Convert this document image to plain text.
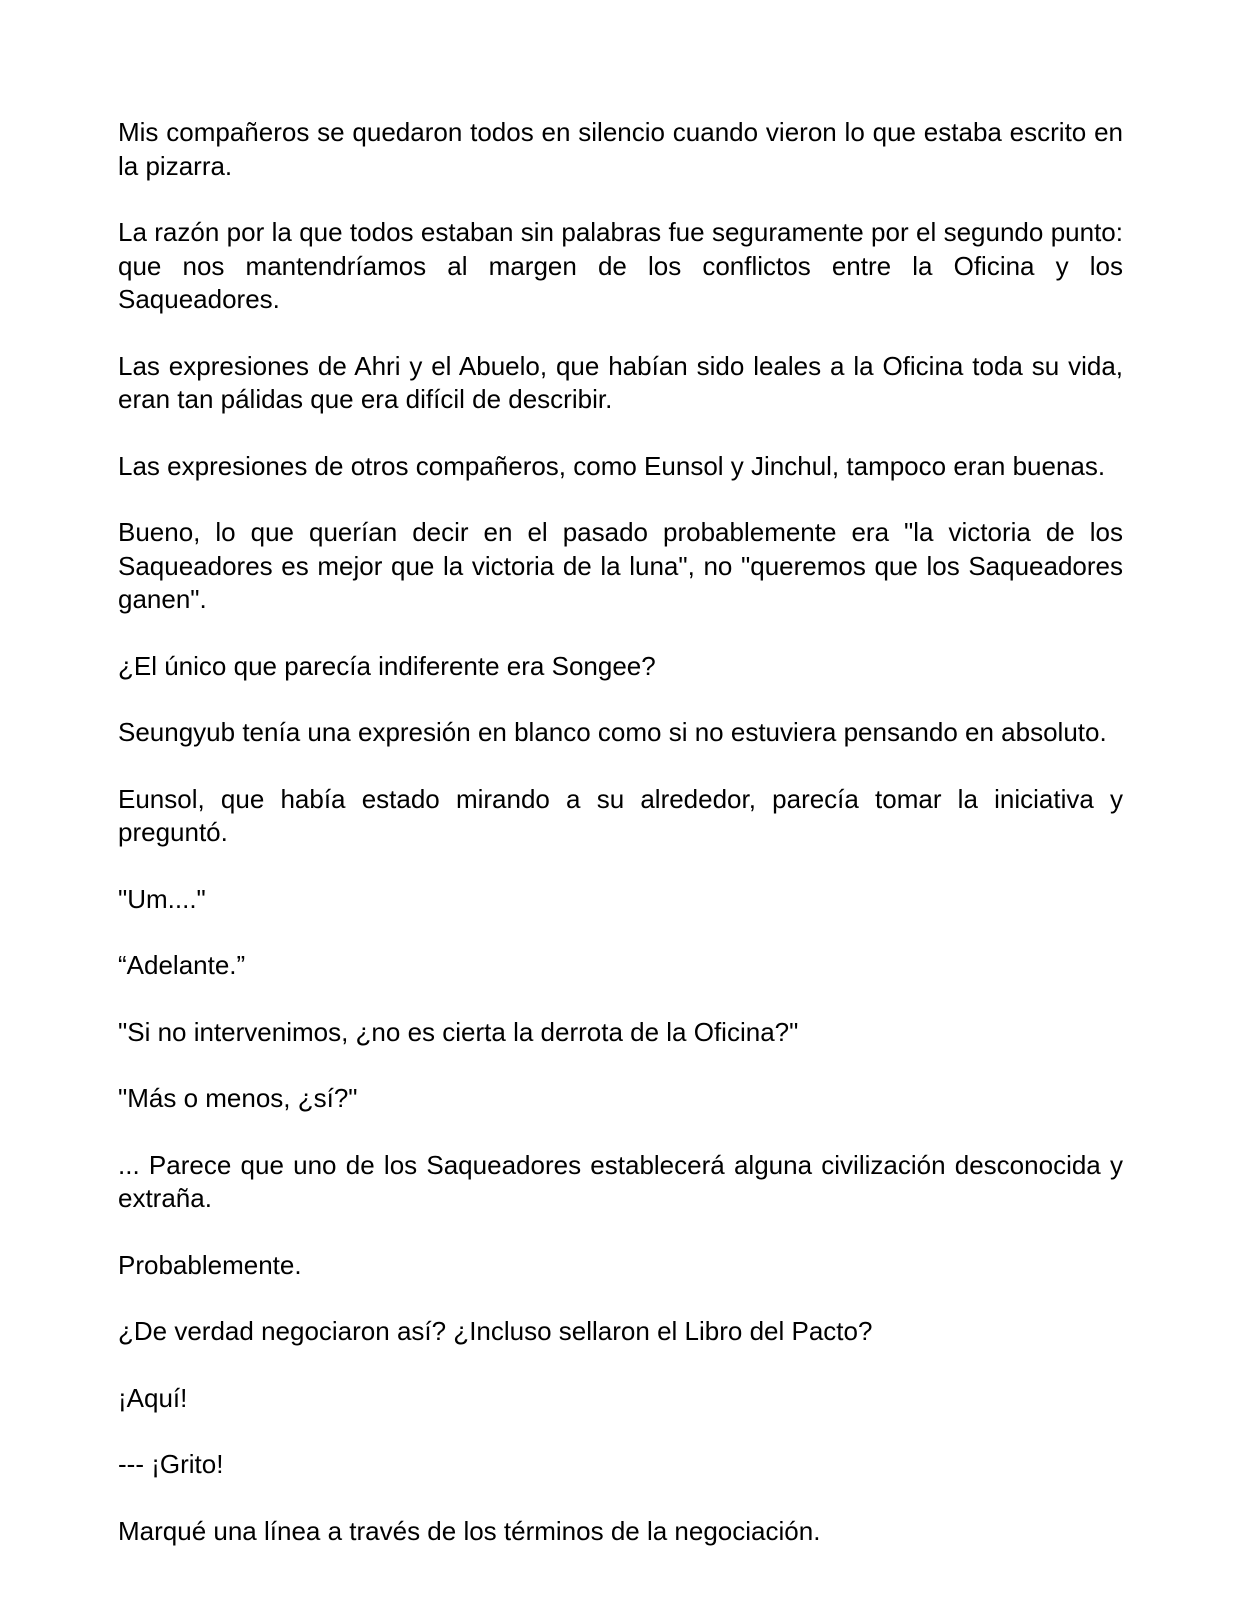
Mis compañeros se quedaron todos en silencio cuando vieron lo que estaba escrito en la pizarra.

La razón por la que todos estaban sin palabras fue seguramente por el segundo punto: que nos mantendríamos al margen de los conflictos entre la Oficina y los Saqueadores.

Las expresiones de Ahri y el Abuelo, que habían sido leales a la Oficina toda su vida, eran tan pálidas que era difícil de describir.

Las expresiones de otros compañeros, como Eunsol y Jinchul, tampoco eran buenas.

Bueno, lo que querían decir en el pasado probablemente era "la victoria de los Saqueadores es mejor que la victoria de la luna", no "queremos que los Saqueadores ganen".

¿El único que parecía indiferente era Songee?

Seungyub tenía una expresión en blanco como si no estuviera pensando en absoluto.

Eunsol, que había estado mirando a su alrededor, parecía tomar la iniciativa y preguntó.

"Um...."

“Adelante.”

"Si no intervenimos, ¿no es cierta la derrota de la Oficina?"

"Más o menos, ¿sí?"

... Parece que uno de los Saqueadores establecerá alguna civilización desconocida y extraña.

Probablemente.

¿De verdad negociaron así? ¿Incluso sellaron el Libro del Pacto?

¡Aquí!

--- ¡Grito!

Marqué una línea a través de los términos de la negociación.
